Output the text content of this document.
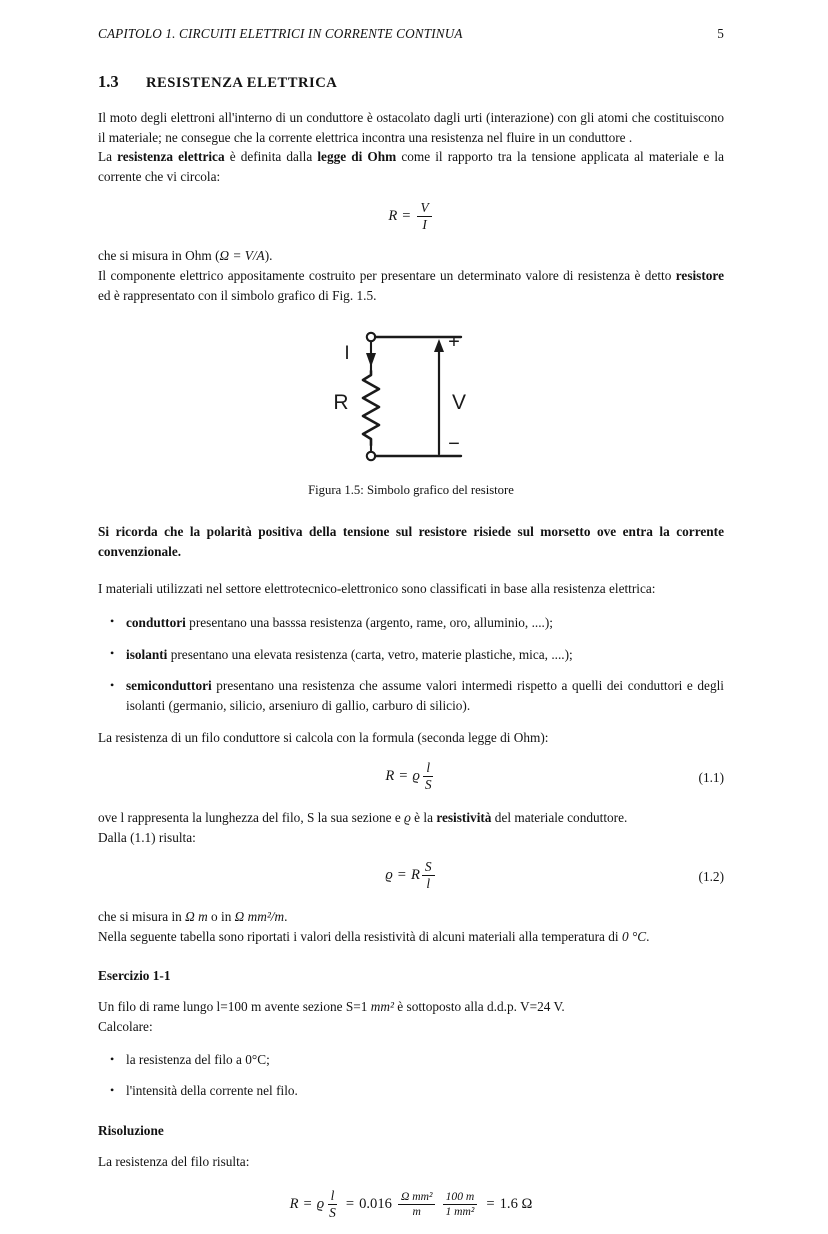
CAPITOLO 1. CIRCUITI ELETTRICI IN CORRENTE CONTINUA	5
1.3	RESISTENZA ELETTRICA

Il moto degli elettroni all'interno di un conduttore è ostacolato dagli urti (interazione) con gli atomi che costituiscono il materiale; ne consegue che la corrente elettrica incontra una resistenza nel fluire in un conduttore .

La resistenza elettrica è definita dalla legge di Ohm come il rapporto tra la tensione applicata al materiale e la corrente che vi circola:

$R = \frac{V}{I}$

che si misura in Ohm (Ω = V/A).

Il componente elettrico appositamente costruito per presentare un determinato valore di resistenza è detto resistore ed è rappresentato con il simbolo grafico di Fig. 1.5.

I
R	V
+
−
Figura 1.5: Simbolo grafico del resistore

Si ricorda che la polarità positiva della tensione sul resistore risiede sul morsetto ove entra la corrente convenzionale.

I materiali utilizzati nel settore elettrotecnico-elettronico sono classificati in base alla resistenza elettrica:

• conduttori presentano una basssa resistenza (argento, rame, oro, alluminio, ....);
• isolanti presentano una elevata resistenza (carta, vetro, materie plastiche, mica, ....);
• semiconduttori presentano una resistenza che assume valori intermedi rispetto a quelli dei conduttori e degli isolanti (germanio, silicio, arseniuro di gallio, carburo di silicio).

La resistenza di un filo conduttore si calcola con la formula (seconda legge di Ohm):

R = ϱ $\frac{l}{S}$	(1.1)

ove l rappresenta la lunghezza del filo, S la sua sezione e ϱ è la resistività del materiale conduttore.

Dalla (1.1) risulta:

ϱ = R $\frac{S}{l}$	(1.2)

che si misura in Ω m o in Ω mm²/m.

Nella seguente tabella sono riportati i valori della resistività di alcuni materiali alla temperatura di 0 °C.

Esercizio 1-1

Un filo di rame lungo l=100 m avente sezione S=1 mm² è sottoposto alla d.d.p. V=24 V.

Calcolare:

• la resistenza del filo a 0°C;
• l'intensità della corrente nel filo.
Risoluzione

La resistenza del filo risulta:

R = ϱ $\frac{l}{S} = 0.016 \frac{\text{Ω mm²}}{m} \frac{100 m}{\text{1 mm²}} = 1.6$ Ω
